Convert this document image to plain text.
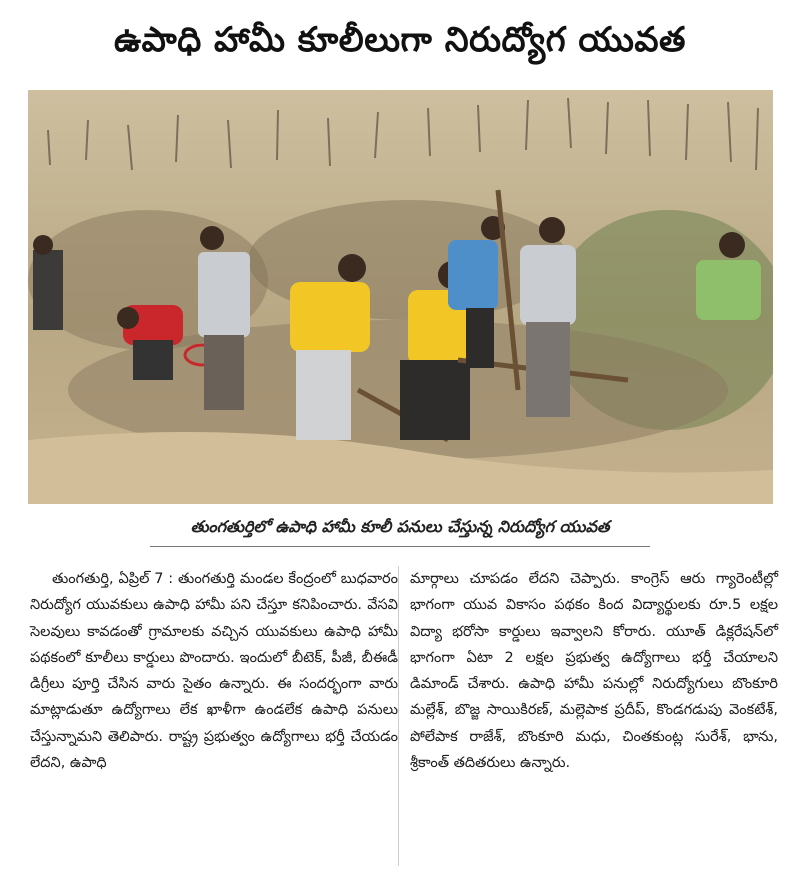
ఉపాధి హామీ కూలీలుగా నిరుద్యోగ యువత
తుంగతుర్తిలో ఉపాధి హామీ కూలీ పనులు చేస్తున్న నిరుద్యోగ యువత
తుంగతుర్తి, ఏప్రిల్ 7 : తుంగతుర్తి మండల కేంద్రంలో బుధవారం నిరుద్యోగ యువకులు ఉపాధి హామీ పని చేస్తూ కనిపించారు. వేసవి సెలవులు కావడంతో గ్రామాలకు వచ్చిన యువకులు ఉపాధి హామీ పథకంలో కూలీలు కార్డులు పొందారు. ఇందులో బీటెక్, పీజీ, బీఈడీ డిగ్రీలు పూర్తి చేసిన వారు సైతం ఉన్నారు. ఈ సందర్భంగా వారు మాట్లాడుతూ ఉద్యోగాలు లేక ఖాళీగా ఉండలేక ఉపాధి పనులు చేస్తున్నామని తెలిపారు. రాష్ట్ర ప్రభుత్వం ఉద్యోగాలు భర్తీ చేయడం లేదని, ఉపాధి
మార్గాలు చూపడం లేదని చెప్పారు. కాంగ్రెస్ ఆరు గ్యారెంటీల్లో భాగంగా యువ వికాసం పథకం కింద విద్యార్థులకు రూ.5 లక్షల విద్యా భరోసా కార్డులు ఇవ్వాలని కోరారు. యూత్ డిక్లరేషన్‌లో భాగంగా ఏటా 2 లక్షల ప్రభుత్వ ఉద్యోగాలు భర్తీ చేయాలని డిమాండ్ చేశారు. ఉపాధి హామీ పనుల్లో నిరుద్యోగులు బొంకూరి మల్లేశ్, బొజ్జ సాయికిరణ్, మల్లెపాక ప్రదీప్, కొండగడుపు వెంకటేశ్, పోలేపాక రాజేశ్, బొంకూరి మధు, చింతకుంట్ల సురేశ్, భాను, శ్రీకాంత్ తదితరులు ఉన్నారు.
